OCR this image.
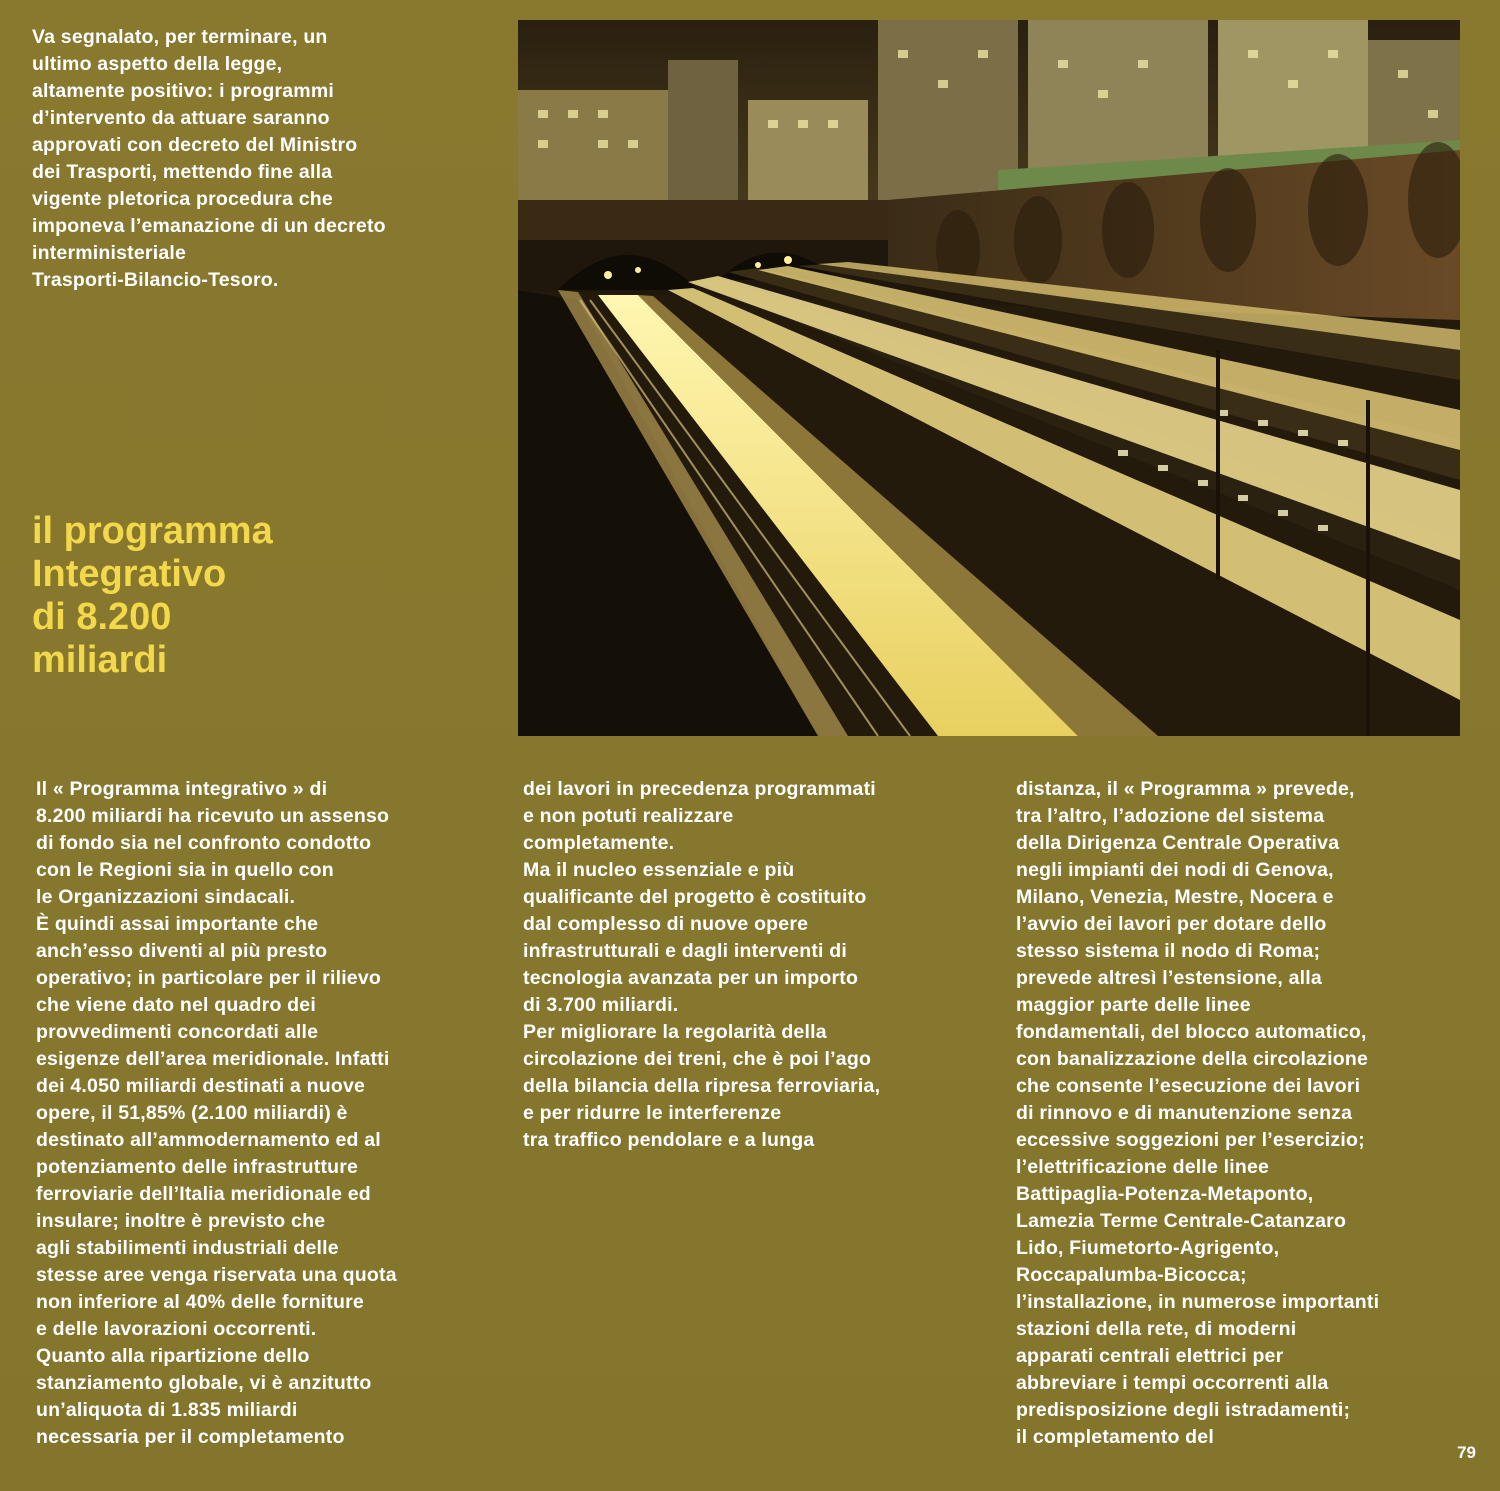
Va segnalato, per terminare, un
ultimo aspetto della legge,
altamente positivo: i programmi
d’intervento da attuare saranno
approvati con decreto del Ministro
dei Trasporti, mettendo fine alla
vigente pletorica procedura che
imponeva l’emanazione di un decreto
interministeriale
Trasporti-Bilancio-Tesoro.
il programma
Integrativo
di 8.200
miliardi
Il « Programma integrativo » di
8.200 miliardi ha ricevuto un assenso
di fondo sia nel confronto condotto
con le Regioni sia in quello con
le Organizzazioni sindacali.
È quindi assai importante che
anch’esso diventi al più presto
operativo; in particolare per il rilievo
che viene dato nel quadro dei
provvedimenti concordati alle
esigenze dell’area meridionale. Infatti
dei 4.050 miliardi destinati a nuove
opere, il 51,85% (2.100 miliardi) è
destinato all’ammodernamento ed al
potenziamento delle infrastrutture
ferroviarie dell’Italia meridionale ed
insulare; inoltre è previsto che
agli stabilimenti industriali delle
stesse aree venga riservata una quota
non inferiore al 40% delle forniture
e delle lavorazioni occorrenti.
Quanto alla ripartizione dello
stanziamento globale, vi è anzitutto
un’aliquota di 1.835 miliardi
necessaria per il completamento
dei lavori in precedenza programmati
e non potuti realizzare
completamente.
Ma il nucleo essenziale e più
qualificante del progetto è costituito
dal complesso di nuove opere
infrastrutturali e dagli interventi di
tecnologia avanzata per un importo
di 3.700 miliardi.
Per migliorare la regolarità della
circolazione dei treni, che è poi l’ago
della bilancia della ripresa ferroviaria,
e per ridurre le interferenze
tra traffico pendolare e a lunga
distanza, il « Programma » prevede,
tra l’altro, l’adozione del sistema
della Dirigenza Centrale Operativa
negli impianti dei nodi di Genova,
Milano, Venezia, Mestre, Nocera e
l’avvio dei lavori per dotare dello
stesso sistema il nodo di Roma;
prevede altresì l’estensione, alla
maggior parte delle linee
fondamentali, del blocco automatico,
con banalizzazione della circolazione
che consente l’esecuzione dei lavori
di rinnovo e di manutenzione senza
eccessive soggezioni per l’esercizio;
l’elettrificazione delle linee
Battipaglia-Potenza-Metaponto,
Lamezia Terme Centrale-Catanzaro
Lido, Fiumetorto-Agrigento,
Roccapalumba-Bicocca;
l’installazione, in numerose importanti
stazioni della rete, di moderni
apparati centrali elettrici per
abbreviare i tempi occorrenti alla
predisposizione degli istradamenti;
il completamento del
79
